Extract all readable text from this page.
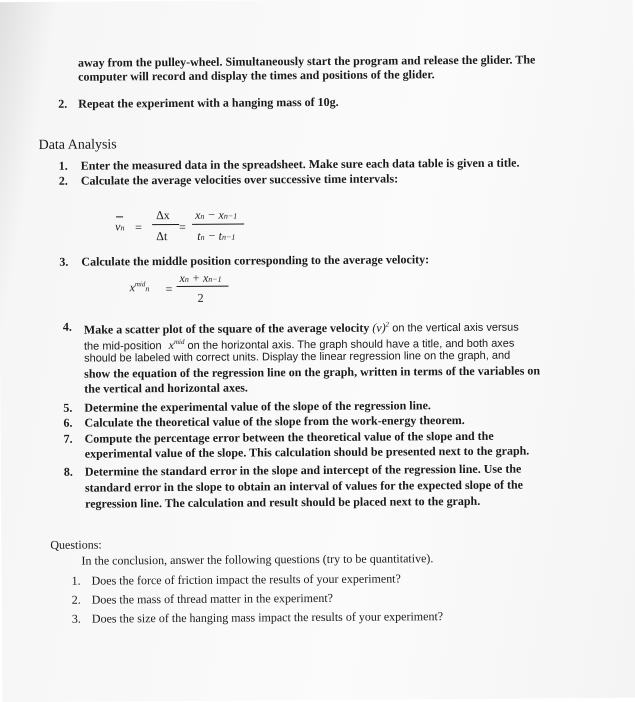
away from the pulley-wheel. Simultaneously start the program and release the glider. The
computer will record and display the times and positions of the glider.
2. Repeat the experiment with a hanging mass of 10g.
Data Analysis
1. Enter the measured data in the spreadsheet. Make sure each data table is given a title.
2. Calculate the average velocities over successive time intervals:
vn =
Δx
Δt
=
xn − xn−1
tn − tn−1
3. Calculate the middle position corresponding to the average velocity:
$x^{mid}n$ =
xn + xn−1
2
4. Make a scatter plot of the square of the average velocity $(v)^2$ on the vertical axis versus
the mid-position $x^{mid}$ on the horizontal axis. The graph should have a title, and both axes
should be labeled with correct units. Display the linear regression line on the graph, and
show the equation of the regression line on the graph, written in terms of the variables on
the vertical and horizontal axes.
5. Determine the experimental value of the slope of the regression line.
6. Calculate the theoretical value of the slope from the work-energy theorem.
7. Compute the percentage error between the theoretical value of the slope and the
experimental value of the slope. This calculation should be presented next to the graph.
8. Determine the standard error in the slope and intercept of the regression line. Use the
standard error in the slope to obtain an interval of values for the expected slope of the
regression line. The calculation and result should be placed next to the graph.
Questions:
In the conclusion, answer the following questions (try to be quantitative).
1. Does the force of friction impact the results of your experiment?
2. Does the mass of thread matter in the experiment?
3. Does the size of the hanging mass impact the results of your experiment?
